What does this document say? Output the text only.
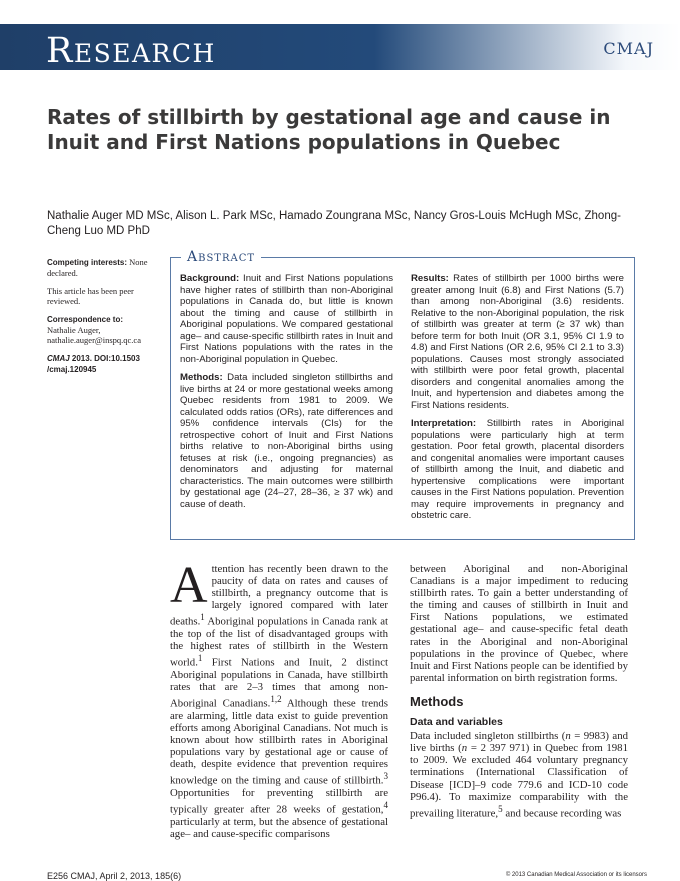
Research	CMAJ
Rates of stillbirth by gestational age and cause in Inuit and First Nations populations in Quebec

Nathalie Auger MD MSc, Alison L. Park MSc, Hamado Zoungrana MSc, Nancy Gros-Louis McHugh MSc, Zhong-Cheng Luo MD PhD

Competing interests: None declared.

This article has been peer reviewed.

Correspondence to:
Nathalie Auger,
nathalie.auger@inspq.qc.ca

CMAJ 2013. DOI:10.1503 /cmaj.120945

Abstract

Background: Inuit and First Nations populations have higher rates of stillbirth than non-Aboriginal populations in Canada do, but little is known about the timing and cause of stillbirth in Aboriginal populations. We compared gestational age– and cause-specific stillbirth rates in Inuit and First Nations populations with the rates in the non-Aboriginal population in Quebec.

Methods: Data included singleton stillbirths and live births at 24 or more gestational weeks among Quebec residents from 1981 to 2009. We calculated odds ratios (ORs), rate differences and 95% confidence intervals (CIs) for the retrospective cohort of Inuit and First Nations births relative to non-Aboriginal births using fetuses at risk (i.e., ongoing pregnancies) as denominators and adjusting for maternal characteristics. The main outcomes were stillbirth by gestational age (24–27, 28–36, ≥ 37 wk) and cause of death.

Results: Rates of stillbirth per 1000 births were greater among Inuit (6.8) and First Nations (5.7) than among non-Aboriginal (3.6) residents. Relative to the non-Aboriginal population, the risk of stillbirth was greater at term (≥ 37 wk) than before term for both Inuit (OR 3.1, 95% CI 1.9 to 4.8) and First Nations (OR 2.6, 95% CI 2.1 to 3.3) populations. Causes most strongly associated with stillbirth were poor fetal growth, placental disorders and congenital anomalies among the Inuit, and hypertension and diabetes among the First Nations residents.

Interpretation: Stillbirth rates in Aboriginal populations were particularly high at term gestation. Poor fetal growth, placental disorders and congenital anomalies were important causes of stillbirth among the Inuit, and diabetic and hypertensive complications were important causes in the First Nations population. Prevention may require improvements in pregnancy and obstetric care.

Attention has recently been drawn to the paucity of data on rates and causes of stillbirth, a pregnancy outcome that is largely ignored compared with later deaths.$^1$ Aboriginal populations in Canada rank at the top of the list of disadvantaged groups with the highest rates of stillbirth in the Western world.$^1$ First Nations and Inuit, 2 distinct Aboriginal populations in Canada, have stillbirth rates that are 2–3 times that among non-Aboriginal Canadians.$^{1,2}$ Although these trends are alarming, little data exist to guide prevention efforts among Aboriginal Canadians. Not much is known about how stillbirth rates in Aboriginal populations vary by gestational age or cause of death, despite evidence that prevention requires knowledge on the timing and cause of stillbirth.$^3$ Opportunities for preventing stillbirth are typically greater after 28 weeks of gestation,$^4$ particularly at term, but the absence of gestational age– and cause-specific comparisons

between Aboriginal and non-Aboriginal Canadians is a major impediment to reducing stillbirth rates. To gain a better understanding of the timing and causes of stillbirth in Inuit and First Nations populations, we estimated gestational age– and cause-specific fetal death rates in the Aboriginal and non-Aboriginal populations in the province of Quebec, where Inuit and First Nations people can be identified by parental information on birth registration forms.

Methods
Data and variables

Data included singleton stillbirths (n = 9983) and live births (n = 2 397 971) in Quebec from 1981 to 2009. We excluded 464 voluntary pregnancy terminations (International Classification of Disease [ICD]–9 code 779.6 and ICD-10 code P96.4). To maximize comparability with the prevailing literature,$^5$ and because recording was

E256 CMAJ, April 2, 2013, 185(6)	© 2013 Canadian Medical Association or its licensors
